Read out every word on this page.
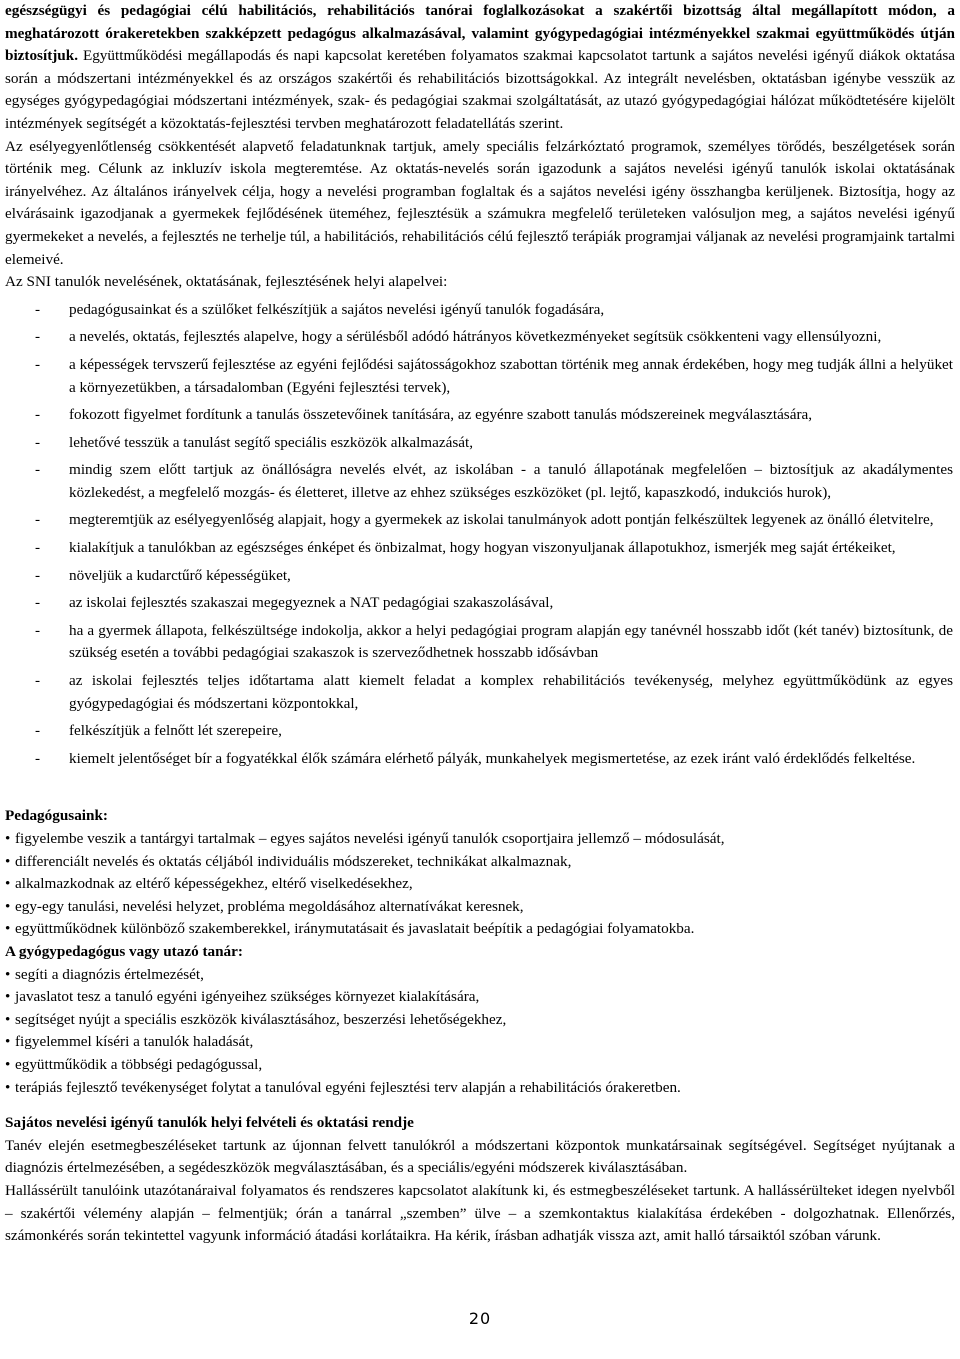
egészségügyi és pedagógiai célú habilitációs, rehabilitációs tanórai foglalkozásokat a szakértői bizottság által megállapított módon, a meghatározott órakeretekben szakképzett pedagógus alkalmazásával, valamint gyógypedagógiai intézményekkel szakmai együttműködés útján biztosítjuk. Együttműködési megállapodás és napi kapcsolat keretében folyamatos szakmai kapcsolatot tartunk a sajátos nevelési igényű diákok oktatása során a módszertani intézményekkel és az országos szakértői és rehabilitációs bizottságokkal. Az integrált nevelésben, oktatásban igénybe vesszük az egységes gyógypedagógiai módszertani intézmények, szak- és pedagógiai szakmai szolgáltatását, az utazó gyógypedagógiai hálózat működtetésére kijelölt intézmények segítségét a közoktatás-fejlesztési tervben meghatározott feladatellátás szerint.

Az esélyegyenlőtlenség csökkentését alapvető feladatunknak tartjuk, amely speciális felzárkóztató programok, személyes törődés, beszélgetések során történik meg. Célunk az inkluzív iskola megteremtése. Az oktatás-nevelés során igazodunk a sajátos nevelési igényű tanulók iskolai oktatásának irányelvéhez. Az általános irányelvek célja, hogy a nevelési programban foglaltak és a sajátos nevelési igény összhangba kerüljenek. Biztosítja, hogy az elvárásaink igazodjanak a gyermekek fejlődésének üteméhez, fejlesztésük a számukra megfelelő területeken valósuljon meg, a sajátos nevelési igényű gyermekeket a nevelés, a fejlesztés ne terhelje túl, a habilitációs, rehabilitációs célú fejlesztő terápiák programjai váljanak az nevelési programjaink tartalmi elemeivé.

Az SNI tanulók nevelésének, oktatásának, fejlesztésének helyi alapelvei:

- pedagógusainkat és a szülőket felkészítjük a sajátos nevelési igényű tanulók fogadására,
- a nevelés, oktatás, fejlesztés alapelve, hogy a sérülésből adódó hátrányos következményeket segítsük csökkenteni vagy ellensúlyozni,
- a képességek tervszerű fejlesztése az egyéni fejlődési sajátosságokhoz szabottan történik meg annak érdekében, hogy meg tudják állni a helyüket a környezetükben, a társadalomban (Egyéni fejlesztési tervek),
- fokozott figyelmet fordítunk a tanulás összetevőinek tanítására, az egyénre szabott tanulás módszereinek megválasztására,
- lehetővé tesszük a tanulást segítő speciális eszközök alkalmazását,
- mindig szem előtt tartjuk az önállóságra nevelés elvét, az iskolában - a tanuló állapotának megfelelően – biztosítjuk az akadálymentes közlekedést, a megfelelő mozgás- és életteret, illetve az ehhez szükséges eszközöket (pl. lejtő, kapaszkodó, indukciós hurok),
- megteremtjük az esélyegyenlőség alapjait, hogy a gyermekek az iskolai tanulmányok adott pontján felkészültek legyenek az önálló életvitelre,
- kialakítjuk a tanulókban az egészséges énképet és önbizalmat, hogy hogyan viszonyuljanak állapotukhoz, ismerjék meg saját értékeiket,
- növeljük a kudarctűrő képességüket,
- az iskolai fejlesztés szakaszai megegyeznek a NAT pedagógiai szakaszolásával,
- ha a gyermek állapota, felkészültsége indokolja, akkor a helyi pedagógiai program alapján egy tanévnél hosszabb időt (két tanév) biztosítunk, de szükség esetén a további pedagógiai szakaszok is szerveződhetnek hosszabb idősávban
- az iskolai fejlesztés teljes időtartama alatt kiemelt feladat a komplex rehabilitációs tevékenység, melyhez együttműködünk az egyes gyógypedagógiai és módszertani központokkal,
- felkészítjük a felnőtt lét szerepeire,
- kiemelt jelentőséget bír a fogyatékkal élők számára elérhető pályák, munkahelyek megismertetése, az ezek iránt való érdeklődés felkeltése.

Pedagógusaink:

• figyelembe veszik a tantárgyi tartalmak – egyes sajátos nevelési igényű tanulók csoportjaira jellemző – módosulását,
• differenciált nevelés és oktatás céljából individuális módszereket, technikákat alkalmaznak,
• alkalmazkodnak az eltérő képességekhez, eltérő viselkedésekhez,
• egy-egy tanulási, nevelési helyzet, probléma megoldásához alternatívákat keresnek,
• együttműködnek különböző szakemberekkel, iránymutatásait és javaslatait beépítik a pedagógiai folyamatokba.

A gyógypedagógus vagy utazó tanár:

• segíti a diagnózis értelmezését,
• javaslatot tesz a tanuló egyéni igényeihez szükséges környezet kialakítására,
• segítséget nyújt a speciális eszközök kiválasztásához, beszerzési lehetőségekhez,
• figyelemmel kíséri a tanulók haladását,
• együttműködik a többségi pedagógussal,
• terápiás fejlesztő tevékenységet folytat a tanulóval egyéni fejlesztési terv alapján a rehabilitációs órakeretben.

Sajátos nevelési igényű tanulók helyi felvételi és oktatási rendje

Tanév elején esetmegbeszéléseket tartunk az újonnan felvett tanulókról a módszertani központok munkatársainak segítségével. Segítséget nyújtanak a diagnózis értelmezésében, a segédeszközök megválasztásában, és a speciális/egyéni módszerek kiválasztásában.

Hallássérült tanulóink utazótanáraival folyamatos és rendszeres kapcsolatot alakítunk ki, és estmegbeszéléseket tartunk. A hallássérülteket idegen nyelvből – szakértői vélemény alapján – felmentjük; órán a tanárral „szemben” ülve – a szemkontaktus kialakítása érdekében - dolgozhatnak. Ellenőrzés, számonkérés során tekintettel vagyunk információ átadási korlátaikra. Ha kérik, írásban adhatják vissza azt, amit halló társaiktól szóban várunk.

20
